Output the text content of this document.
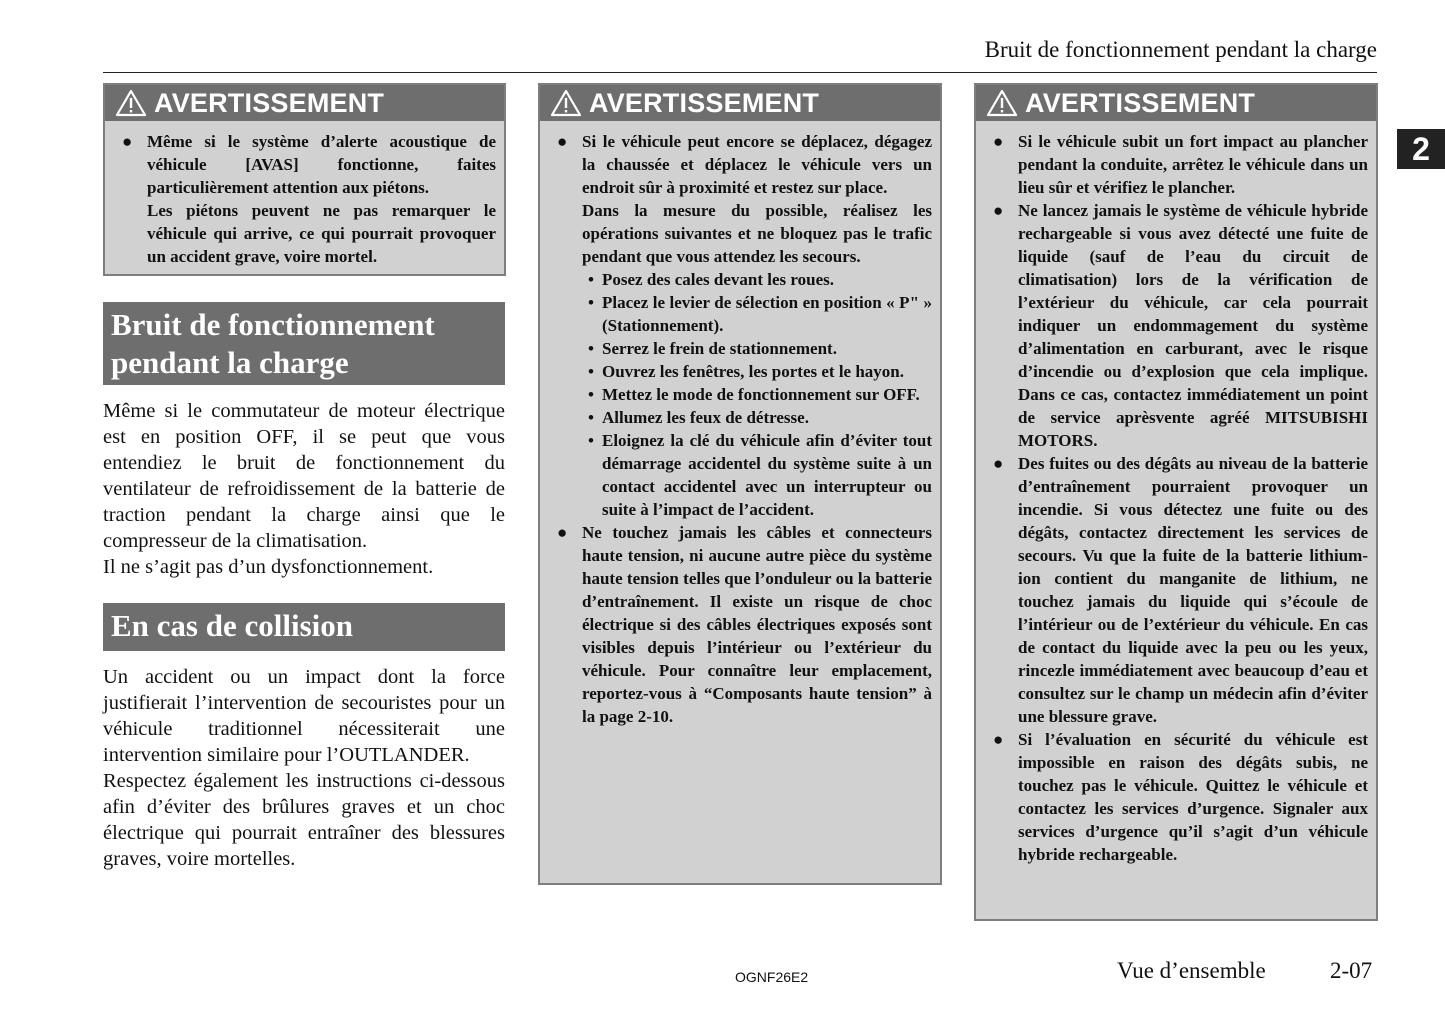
Bruit de fonctionnement pendant la charge
2
AVERTISSEMENT
● Même si le système d’alerte acoustique de véhicule [AVAS] fonctionne, faites particulièrement attention aux piétons.
Les piétons peuvent ne pas remarquer le véhicule qui arrive, ce qui pourrait provoquer un accident grave, voire mortel.
Bruit de fonctionnement pendant la charge

Même si le commutateur de moteur électrique est en position OFF, il se peut que vous entendiez le bruit de fonctionnement du ventilateur de refroidissement de la batterie de traction pendant la charge ainsi que le compresseur de la climatisation.

Il ne s’agit pas d’un dysfonctionnement.

En cas de collision

Un accident ou un impact dont la force justifierait l’intervention de secouristes pour un véhicule traditionnel nécessiterait une intervention similaire pour l’OUTLANDER.

Respectez également les instructions ci-dessous afin d’éviter des brûlures graves et un choc électrique qui pourrait entraîner des blessures graves, voire mortelles.

AVERTISSEMENT
● Si le véhicule peut encore se déplacez, dégagez la chaussée et déplacez le véhicule vers un endroit sûr à proximité et restez sur place.
Dans la mesure du possible, réalisez les opérations suivantes et ne bloquez pas le trafic pendant que vous attendez les secours.
• Posez des cales devant les roues.
• Placez le levier de sélection en position « P" » (Stationnement).
• Serrez le frein de stationnement.
• Ouvrez les fenêtres, les portes et le hayon.
• Mettez le mode de fonctionnement sur OFF.
• Allumez les feux de détresse.
• Eloignez la clé du véhicule afin d’éviter tout démarrage accidentel du système suite à un contact accidentel avec un interrupteur ou suite à l’impact de l’accident.
● Ne touchez jamais les câbles et connecteurs haute tension, ni aucune autre pièce du système haute tension telles que l’onduleur ou la batterie d’entraînement. Il existe un risque de choc électrique si des câbles électriques exposés sont visibles depuis l’intérieur ou l’extérieur du véhicule. Pour connaître leur emplacement, reportez-vous à “Composants haute tension” à la page 2-10.
AVERTISSEMENT
● Si le véhicule subit un fort impact au plancher pendant la conduite, arrêtez le véhicule dans un lieu sûr et vérifiez le plancher.
● Ne lancez jamais le système de véhicule hybride rechargeable si vous avez détecté une fuite de liquide (sauf de l’eau du circuit de climatisation) lors de la vérification de l’extérieur du véhicule, car cela pourrait indiquer un endommagement du système d’alimentation en carburant, avec le risque d’incendie ou d’explosion que cela implique. Dans ce cas, contactez immédiatement un point de service aprèsvente agréé MITSUBISHI MOTORS.
● Des fuites ou des dégâts au niveau de la batterie d’entraînement pourraient provoquer un incendie. Si vous détectez une fuite ou des dégâts, contactez directement les services de secours. Vu que la fuite de la batterie lithium-ion contient du manganite de lithium, ne touchez jamais du liquide qui s’écoule de l’intérieur ou de l’extérieur du véhicule. En cas de contact du liquide avec la peu ou les yeux, rincezle immédiatement avec beaucoup d’eau et consultez sur le champ un médecin afin d’éviter une blessure grave.
● Si l’évaluation en sécurité du véhicule est impossible en raison des dégâts subis, ne touchez pas le véhicule. Quittez le véhicule et contactez les services d’urgence. Signaler aux services d’urgence qu’il s’agit d’un véhicule hybride rechargeable.
OGNF26E2	Vue d’ensemble	2-07
